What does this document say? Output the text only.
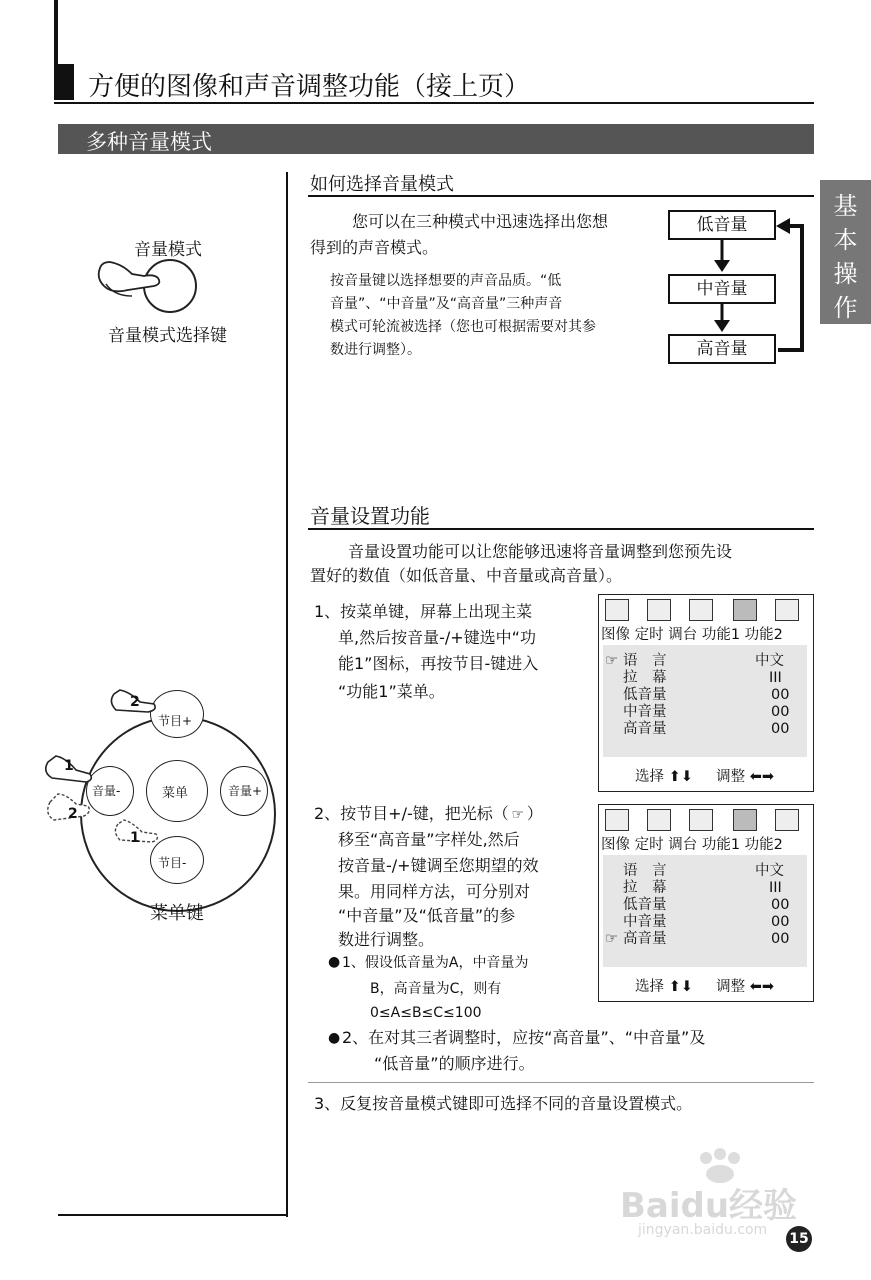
方便的图像和声音调整功能（接上页）
多种音量模式
基
本
操
作
音量模式
音量模式选择键
如何选择音量模式
您可以在三种模式中迅速选择出您想
得到的声音模式。
按音量键以选择想要的声音品质。“低
音量”、“中音量”及“高音量”三种声音
模式可轮流被选择（您也可根据需要对其参
数进行调整）。
低音量
中音量
高音量
音量设置功能
音量设置功能可以让您能够迅速将音量调整到您预先设
置好的数值（如低音量、中音量或高音量）。
1、按菜单键，屏幕上出现主菜
单,然后按音量-/+键选中“功
能1”图标，再按节目-键进入
“功能1”菜单。
2、按节目+/-键，把光标（ ☞ ）
移至“高音量”字样处,然后
按音量-/+键调至您期望的效
果。用同样方法，可分别对
“中音量”及“低音量”的参
数进行调整。
● 1、假设低音量为A，中音量为
B，高音量为C，则有
0≤A≤B≤C≤100
● 2、在对其三者调整时，应按“高音量”、“中音量”及
“低音量”的顺序进行。
3、反复按音量模式键即可选择不同的音量设置模式。
菜单
节目+
节目-
音量-	音量+
2
1
2
1
菜单键
图像 定时 调台 功能1 功能2
☞ 语　言	中文
拉　幕	III
低音量	00
中音量	00
高音量	00
选择 ⬆⬇ 调整 ⬅➡
图像 定时 调台 功能1 功能2
语　言	中文
拉　幕	III
低音量	00
中音量	00
☞ 高音量	00
选择 ⬆⬇ 调整 ⬅➡
Baidu经验
jingyan.baidu.com
15
